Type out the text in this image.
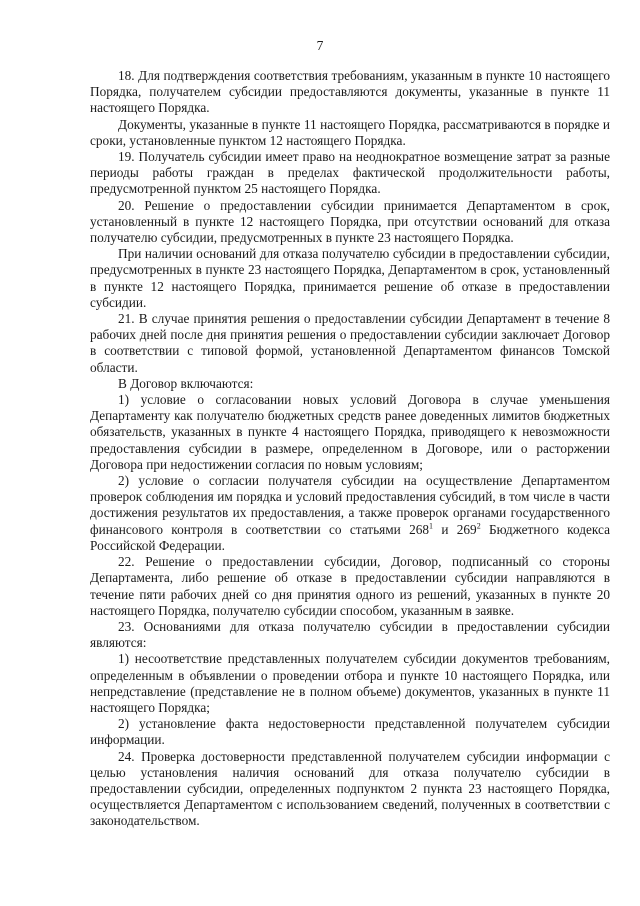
7

18. Для подтверждения соответствия требованиям, указанным в пункте 10 настоящего Порядка, получателем субсидии предоставляются документы, указанные в пункте 11 настоящего Порядка.

Документы, указанные в пункте 11 настоящего Порядка, рассматриваются в порядке и сроки, установленные пунктом 12 настоящего Порядка.

19. Получатель субсидии имеет право на неоднократное возмещение затрат за разные периоды работы граждан в пределах фактической продолжительности работы, предусмотренной пунктом 25 настоящего Порядка.

20. Решение о предоставлении субсидии принимается Департаментом в срок, установленный в пункте 12 настоящего Порядка, при отсутствии оснований для отказа получателю субсидии, предусмотренных в пункте 23 настоящего Порядка.

При наличии оснований для отказа получателю субсидии в предоставлении субсидии, предусмотренных в пункте 23 настоящего Порядка, Департаментом в срок, установленный в пункте 12 настоящего Порядка, принимается решение об отказе в предоставлении субсидии.

21. В случае принятия решения о предоставлении субсидии Департамент в течение 8 рабочих дней после дня принятия решения о предоставлении субсидии заключает Договор в соответствии с типовой формой, установленной Департаментом финансов Томской области.

В Договор включаются:

1) условие о согласовании новых условий Договора в случае уменьшения Департаменту как получателю бюджетных средств ранее доведенных лимитов бюджетных обязательств, указанных в пункте 4 настоящего Порядка, приводящего к невозможности предоставления субсидии в размере, определенном в Договоре, или о расторжении Договора при недостижении согласия по новым условиям;

2) условие о согласии получателя субсидии на осуществление Департаментом проверок соблюдения им порядка и условий предоставления субсидий, в том числе в части достижения результатов их предоставления, а также проверок органами государственного финансового контроля в соответствии со статьями $268^1$ и $269^2$ Бюджетного кодекса Российской Федерации.

22. Решение о предоставлении субсидии, Договор, подписанный со стороны Департамента, либо решение об отказе в предоставлении субсидии направляются в течение пяти рабочих дней со дня принятия одного из решений, указанных в пункте 20 настоящего Порядка, получателю субсидии способом, указанным в заявке.

23. Основаниями для отказа получателю субсидии в предоставлении субсидии являются:

1) несоответствие представленных получателем субсидии документов требованиям, определенным в объявлении о проведении отбора и пункте 10 настоящего Порядка, или непредставление (представление не в полном объеме) документов, указанных в пункте 11 настоящего Порядка;

2) установление факта недостоверности представленной получателем субсидии информации.

24. Проверка достоверности представленной получателем субсидии информации с целью установления наличия оснований для отказа получателю субсидии в предоставлении субсидии, определенных подпунктом 2 пункта 23 настоящего Порядка, осуществляется Департаментом с использованием сведений, полученных в соответствии с законодательством.
